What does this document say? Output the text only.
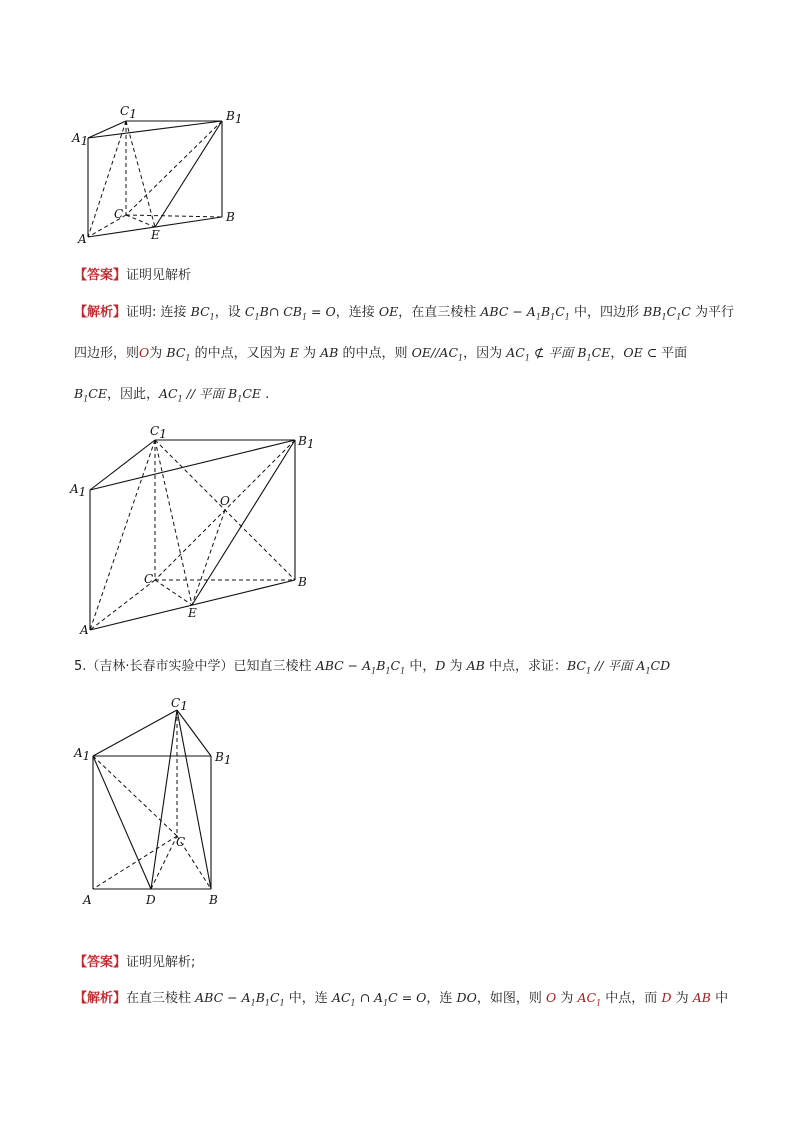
C1	B1
A1
C	B
A	E
【答案】证明见解析
【解析】证明: 连接 $BC_1$，设 $C_1B\cap$ $CB_1 = O$，连接 OE，在直三棱柱 ABC − $A_1B_1C_1$ 中，四边形 $BB_1C_1C$ 为平行
四边形，则O为 $BC_1$ 的中点，又因为 E 为 AB 的中点，则 $OE//AC_1$，因为 $AC_1$ ⊄ 平面 $B_1CE$，OE ⊂ 平面
$B_1CE$，因此，$AC_1$ // 平面 $B_1CE$ .
C1	B1
A1
O
C	B
A
E
5.（吉林·长春市实验中学）已知直三棱柱 ABC − $A_1B_1C_1$ 中，D 为 AB 中点，求证：$BC_1$ // 平面 $A_1CD$
C1
A1	B1
C
A	D	B
【答案】证明见解析;
【解析】在直三棱柱 ABC − $A_1B_1C_1$ 中，连 $AC_1$ ∩ $A_1C = O$，连 DO，如图，则 O 为 $AC_1$ 中点，而 D 为 AB 中
